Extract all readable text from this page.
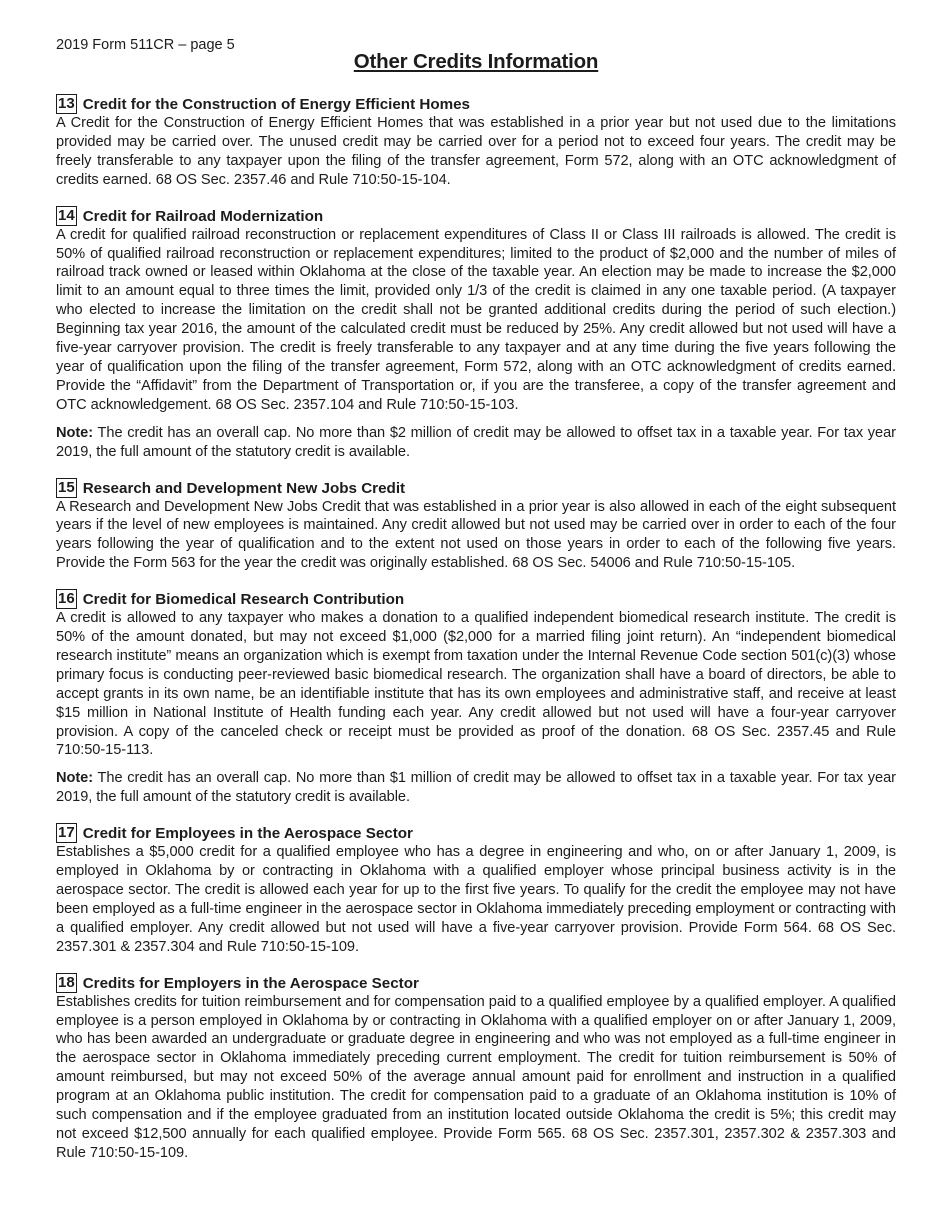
2019 Form 511CR – page 5
Other Credits Information
13 Credit for the Construction of Energy Efficient Homes

A Credit for the Construction of Energy Efficient Homes that was established in a prior year but not used due to the limitations provided may be carried over. The unused credit may be carried over for a period not to exceed four years. The credit may be freely transferable to any taxpayer upon the filing of the transfer agreement, Form 572, along with an OTC acknowledgment of credits earned. 68 OS Sec. 2357.46 and Rule 710:50-15-104.

14 Credit for Railroad Modernization

A credit for qualified railroad reconstruction or replacement expenditures of Class II or Class III railroads is allowed. The credit is 50% of qualified railroad reconstruction or replacement expenditures; limited to the product of $2,000 and the number of miles of railroad track owned or leased within Oklahoma at the close of the taxable year. An election may be made to increase the $2,000 limit to an amount equal to three times the limit, provided only 1/3 of the credit is claimed in any one taxable period. (A taxpayer who elected to increase the limitation on the credit shall not be granted additional credits during the period of such election.) Beginning tax year 2016, the amount of the calculated credit must be reduced by 25%. Any credit allowed but not used will have a five-year carryover provision. The credit is freely transferable to any taxpayer and at any time during the five years following the year of qualification upon the filing of the transfer agreement, Form 572, along with an OTC acknowledgment of credits earned. Provide the “Affidavit” from the Department of Transportation or, if you are the transferee, a copy of the transfer agreement and OTC acknowledgement. 68 OS Sec. 2357.104 and Rule 710:50-15-103.

Note: The credit has an overall cap. No more than $2 million of credit may be allowed to offset tax in a taxable year. For tax year 2019, the full amount of the statutory credit is available.

15 Research and Development New Jobs Credit

A Research and Development New Jobs Credit that was established in a prior year is also allowed in each of the eight subsequent years if the level of new employees is maintained. Any credit allowed but not used may be carried over in order to each of the four years following the year of qualification and to the extent not used on those years in order to each of the following five years. Provide the Form 563 for the year the credit was originally established. 68 OS Sec. 54006 and Rule 710:50-15-105.

16 Credit for Biomedical Research Contribution

A credit is allowed to any taxpayer who makes a donation to a qualified independent biomedical research institute. The credit is 50% of the amount donated, but may not exceed $1,000 ($2,000 for a married filing joint return). An “independent biomedical research institute” means an organization which is exempt from taxation under the Internal Revenue Code section 501(c)(3) whose primary focus is conducting peer-reviewed basic biomedical research. The organization shall have a board of directors, be able to accept grants in its own name, be an identifiable institute that has its own employees and administrative staff, and receive at least $15 million in National Institute of Health funding each year. Any credit allowed but not used will have a four-year carryover provision. A copy of the canceled check or receipt must be provided as proof of the donation. 68 OS Sec. 2357.45 and Rule 710:50-15-113.

Note: The credit has an overall cap. No more than $1 million of credit may be allowed to offset tax in a taxable year. For tax year 2019, the full amount of the statutory credit is available.

17 Credit for Employees in the Aerospace Sector

Establishes a $5,000 credit for a qualified employee who has a degree in engineering and who, on or after January 1, 2009, is employed in Oklahoma by or contracting in Oklahoma with a qualified employer whose principal business activity is in the aerospace sector. The credit is allowed each year for up to the first five years. To qualify for the credit the employee may not have been employed as a full-time engineer in the aerospace sector in Oklahoma immediately preceding employment or contracting with a qualified employer. Any credit allowed but not used will have a five-year carryover provision. Provide Form 564. 68 OS Sec. 2357.301 & 2357.304 and Rule 710:50-15-109.

18 Credits for Employers in the Aerospace Sector

Establishes credits for tuition reimbursement and for compensation paid to a qualified employee by a qualified employer. A qualified employee is a person employed in Oklahoma by or contracting in Oklahoma with a qualified employer on or after January 1, 2009, who has been awarded an undergraduate or graduate degree in engineering and who was not employed as a full-time engineer in the aerospace sector in Oklahoma immediately preceding current employment. The credit for tuition reimbursement is 50% of amount reimbursed, but may not exceed 50% of the average annual amount paid for enrollment and instruction in a qualified program at an Oklahoma public institution. The credit for compensation paid to a graduate of an Oklahoma institution is 10% of such compensation and if the employee graduated from an institution located outside Oklahoma the credit is 5%; this credit may not exceed $12,500 annually for each qualified employee. Provide Form 565. 68 OS Sec. 2357.301, 2357.302 & 2357.303 and Rule 710:50-15-109.
